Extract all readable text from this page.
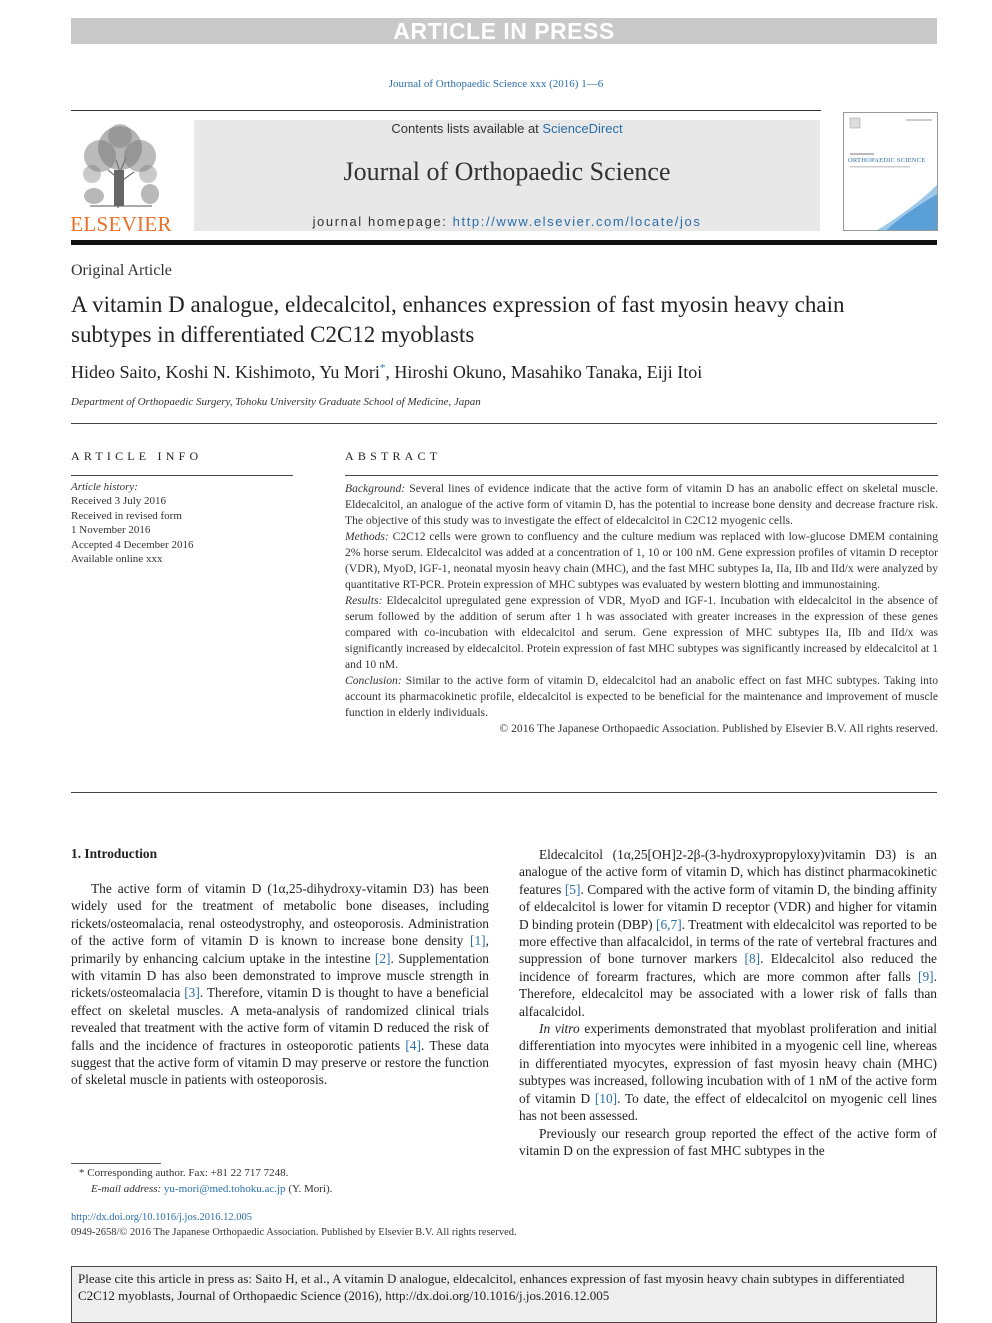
ARTICLE IN PRESS
Journal of Orthopaedic Science xxx (2016) 1—6
ELSEVIER
Contents lists available at ScienceDirect
Journal of Orthopaedic Science
journal homepage: http://www.elsevier.com/locate/jos
ORTHOPAEDIC SCIENCE
Original Article
A vitamin D analogue, eldecalcitol, enhances expression of fast myosin heavy chain subtypes in differentiated C2C12 myoblasts
Hideo Saito, Koshi N. Kishimoto, Yu Mori*, Hiroshi Okuno, Masahiko Tanaka, Eiji Itoi
Department of Orthopaedic Surgery, Tohoku University Graduate School of Medicine, Japan
ARTICLE INFO
Article history:
Received 3 July 2016
Received in revised form
1 November 2016
Accepted 4 December 2016
Available online xxx
ABSTRACT
Background: Several lines of evidence indicate that the active form of vitamin D has an anabolic effect on skeletal muscle. Eldecalcitol, an analogue of the active form of vitamin D, has the potential to increase bone density and decrease fracture risk. The objective of this study was to investigate the effect of eldecalcitol in C2C12 myogenic cells.
Methods: C2C12 cells were grown to confluency and the culture medium was replaced with low-glucose DMEM containing 2% horse serum. Eldecalcitol was added at a concentration of 1, 10 or 100 nM. Gene expression profiles of vitamin D receptor (VDR), MyoD, IGF-1, neonatal myosin heavy chain (MHC), and the fast MHC subtypes Ia, IIa, IIb and IId/x were analyzed by quantitative RT-PCR. Protein expression of MHC subtypes was evaluated by western blotting and immunostaining.
Results: Eldecalcitol upregulated gene expression of VDR, MyoD and IGF-1. Incubation with eldecalcitol in the absence of serum followed by the addition of serum after 1 h was associated with greater increases in the expression of these genes compared with co-incubation with eldecalcitol and serum. Gene expression of MHC subtypes IIa, IIb and IId/x was significantly increased by eldecalcitol. Protein expression of fast MHC subtypes was significantly increased by eldecalcitol at 1 and 10 nM.
Conclusion: Similar to the active form of vitamin D, eldecalcitol had an anabolic effect on fast MHC subtypes. Taking into account its pharmacokinetic profile, eldecalcitol is expected to be beneficial for the maintenance and improvement of muscle function in elderly individuals.
© 2016 The Japanese Orthopaedic Association. Published by Elsevier B.V. All rights reserved.
1. Introduction

The active form of vitamin D (1α,25-dihydroxy-vitamin D3) has been widely used for the treatment of metabolic bone diseases, including rickets/osteomalacia, renal osteodystrophy, and osteoporosis. Administration of the active form of vitamin D is known to increase bone density [1], primarily by enhancing calcium uptake in the intestine [2]. Supplementation with vitamin D has also been demonstrated to improve muscle strength in rickets/osteomalacia [3]. Therefore, vitamin D is thought to have a beneficial effect on skeletal muscles. A meta-analysis of randomized clinical trials revealed that treatment with the active form of vitamin D reduced the risk of falls and the incidence of fractures in osteoporotic patients [4]. These data suggest that the active form of vitamin D may preserve or restore the function of skeletal muscle in patients with osteoporosis.

Eldecalcitol (1α,25[OH]2-2β-(3-hydroxypropyloxy)vitamin D3) is an analogue of the active form of vitamin D, which has distinct pharmacokinetic features [5]. Compared with the active form of vitamin D, the binding affinity of eldecalcitol is lower for vitamin D receptor (VDR) and higher for vitamin D binding protein (DBP) [6,7]. Treatment with eldecalcitol was reported to be more effective than alfacalcidol, in terms of the rate of vertebral fractures and suppression of bone turnover markers [8]. Eldecalcitol also reduced the incidence of forearm fractures, which are more common after falls [9]. Therefore, eldecalcitol may be associated with a lower risk of falls than alfacalcidol.

In vitro experiments demonstrated that myoblast proliferation and initial differentiation into myocytes were inhibited in a myogenic cell line, whereas in differentiated myocytes, expression of fast myosin heavy chain (MHC) subtypes was increased, following incubation with of 1 nM of the active form of vitamin D [10]. To date, the effect of eldecalcitol on myogenic cell lines has not been assessed.

Previously our research group reported the effect of the active form of vitamin D on the expression of fast MHC subtypes in the

* Corresponding author. Fax: +81 22 717 7248.
E-mail address: yu-mori@med.tohoku.ac.jp (Y. Mori).
http://dx.doi.org/10.1016/j.jos.2016.12.005
0949-2658/© 2016 The Japanese Orthopaedic Association. Published by Elsevier B.V. All rights reserved.
Please cite this article in press as: Saito H, et al., A vitamin D analogue, eldecalcitol, enhances expression of fast myosin heavy chain subtypes in differentiated C2C12 myoblasts, Journal of Orthopaedic Science (2016), http://dx.doi.org/10.1016/j.jos.2016.12.005
